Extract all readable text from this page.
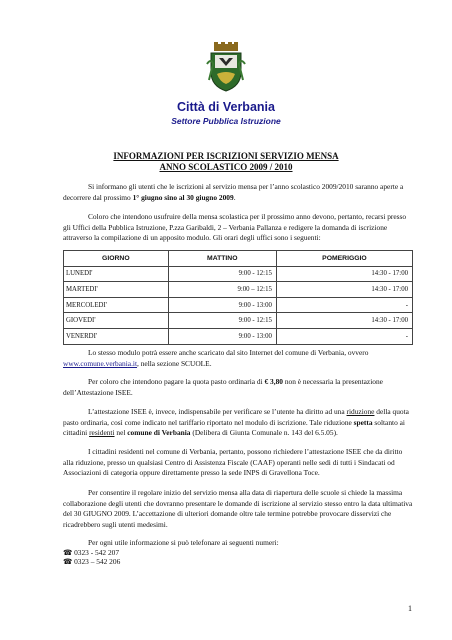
Città di Verbania
Settore Pubblica Istruzione
INFORMAZIONI PER ISCRIZIONI SERVIZIO MENSA
ANNO SCOLASTICO 2009 / 2010

Si informano gli utenti che le iscrizioni al servizio mensa per l’anno scolastico 2009/2010 saranno aperte a decorrere dal prossimo 1° giugno sino al 30 giugno 2009.

Coloro che intendono usufruire della mensa scolastica per il prossimo anno devono, pertanto, recarsi presso gli Uffici della Pubblica Istruzione, P.zza Garibaldi, 2 – Verbania Pallanza e redigere la domanda di iscrizione attraverso la compilazione di un apposito modulo. Gli orari degli uffici sono i seguenti:

GIORNO	MATTINO	POMERIGGIO
LUNEDI'	9:00 - 12:15	14:30 - 17:00
MARTEDI'	9:00 – 12:15	14:30 - 17:00
MERCOLEDI'	9:00 - 13:00	-
GIOVEDI'	9:00 - 12:15	14:30 - 17:00
VENERDI'	9:00 - 13:00	-

Lo stesso modulo potrà essere anche scaricato dal sito Internet del comune di Verbania, ovvero www.comune.verbania.it, nella sezione SCUOLE.

Per coloro che intendono pagare la quota pasto ordinaria di € 3,80 non è necessaria la presentazione dell’Attestazione ISEE.

L’attestazione ISEE è, invece, indispensabile per verificare se l’utente ha diritto ad una riduzione della quota pasto ordinaria, così come indicato nel tariffario riportato nel modulo di iscrizione. Tale riduzione spetta soltanto ai cittadini residenti nel comune di Verbania (Delibera di Giunta Comunale n. 143 del 6.5.05).

I cittadini residenti nel comune di Verbania, pertanto, possono richiedere l’attestazione ISEE che da diritto alla riduzione, presso un qualsiasi Centro di Assistenza Fiscale (CAAF) operanti nelle sedi di tutti i Sindacati od Associazioni di categoria oppure direttamente presso la sede INPS di Gravellona Toce.

Per consentire il regolare inizio del servizio mensa alla data di riapertura delle scuole si chiede la massima collaborazione degli utenti che dovranno presentare le domande di iscrizione al servizio stesso entro la data ultimativa del 30 GIUGNO 2009. L’accettazione di ulteriori domande oltre tale termine potrebbe provocare disservizi che ricadrebbero sugli utenti medesimi.

Per ogni utile informazione si può telefonare ai seguenti numeri:

☎ 0323 - 542 207
☎ 0323 – 542 206
1
